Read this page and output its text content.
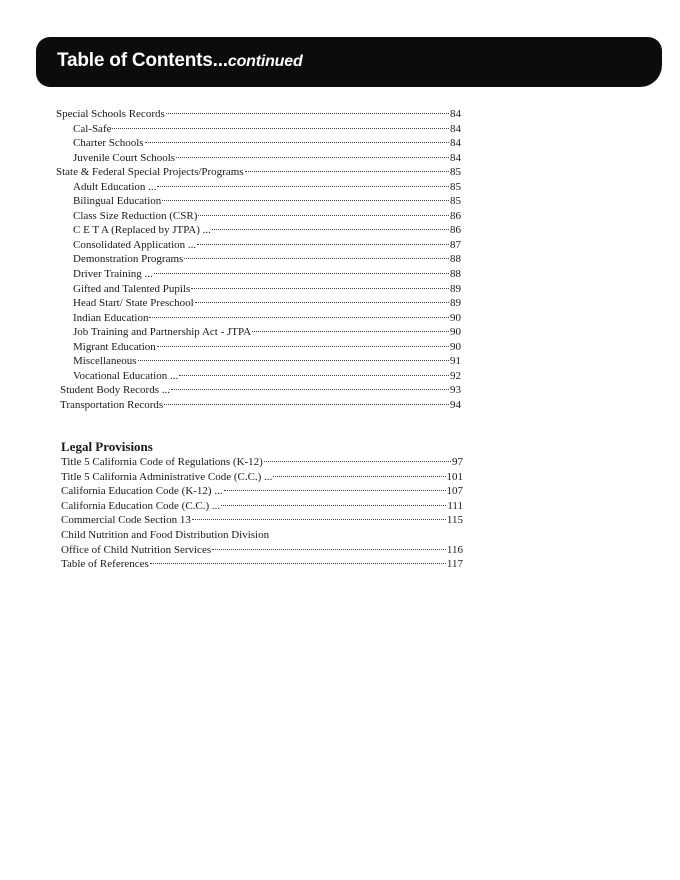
Table of Contents...continued
Special Schools Records	84
Cal-Safe	84
Charter Schools	84
Juvenile Court Schools	84
State & Federal Special Projects/Programs	85
Adult Education ...	85
Bilingual Education	85
Class Size Reduction (CSR)	86
C E T A (Replaced by JTPA) ...	86
Consolidated Application ...	87
Demonstration Programs	88
Driver Training ...	88
Gifted and Talented Pupils	89
Head Start/ State Preschool	89
Indian Education	90
Job Training and Partnership Act - JTPA	90
Migrant Education	90
Miscellaneous	91
Vocational Education ...	92
Student Body Records ...	93
Transportation Records	94
Legal Provisions
Title 5 California Code of Regulations (K-12)	97
Title 5 California Administrative Code (C.C.) ...	101
California Education Code (K-12) ...	107
California Education Code (C.C.) ...	111
Commercial Code Section 13	115
Child Nutrition and Food Distribution Division
Office of Child Nutrition Services	116
Table of References	117
